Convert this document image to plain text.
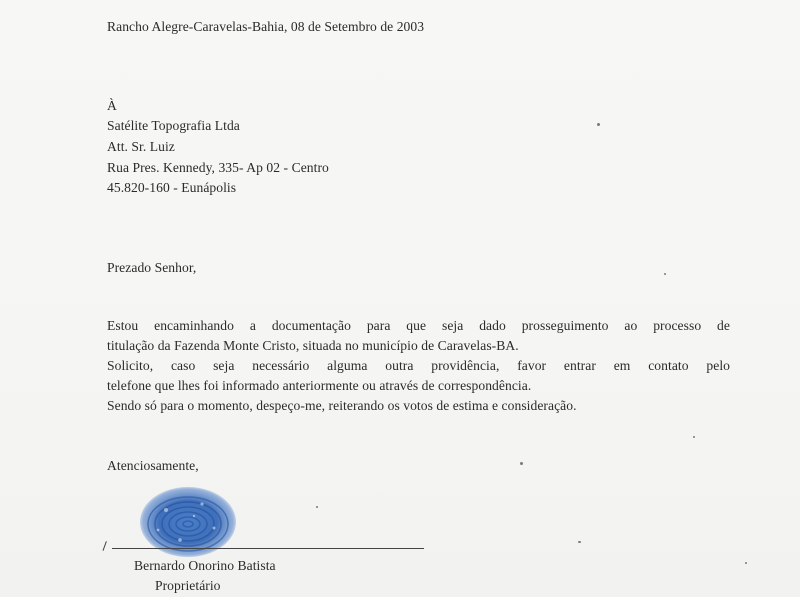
Rancho Alegre-Caravelas-Bahia, 08 de Setembro de 2003
À
Satélite Topografia Ltda
Att. Sr. Luiz
Rua Pres. Kennedy, 335- Ap 02 - Centro
45.820-160 - Eunápolis
Prezado Senhor,
Estou encaminhando a documentação para que seja dado prosseguimento ao processo de
titulação da Fazenda Monte Cristo, situada no município de Caravelas-BA.
Solicito, caso seja necessário alguma outra providência, favor entrar em contato pelo
telefone que lhes foi informado anteriormente ou através de correspondência.
Sendo só para o momento, despeço-me, reiterando os votos de estima e consideração.
Atenciosamente,
Bernardo Onorino Batista
Proprietário
